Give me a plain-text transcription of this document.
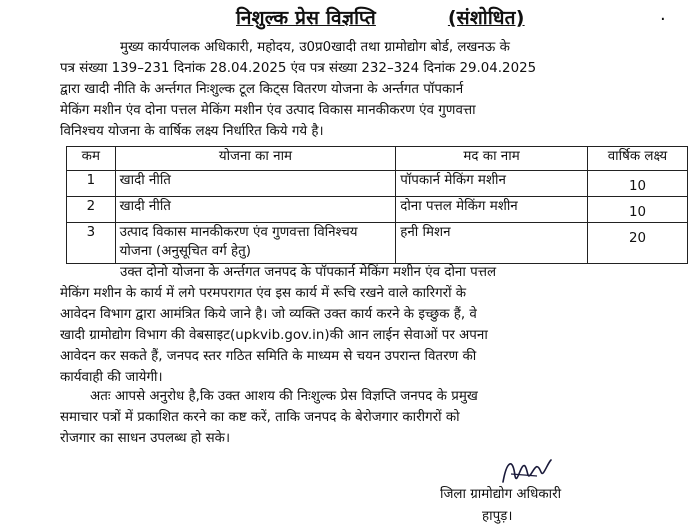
निशुल्क प्रेस विज्ञप्ति	(संशोधित)	.
मुख्य कार्यपालक अधिकारी, महोदय, उ0प्र0खादी तथा ग्रामोद्योग बोर्ड, लखनऊ के
पत्र संख्या 139–231 दिनांक 28.04.2025 एंव पत्र संख्या 232–324 दिनांक 29.04.2025
द्वारा खादी नीति के अर्न्तगत निःशुल्क टूल किट्स वितरण योजना के अर्न्तगत पॉपकार्न
मेकिंग मशीन एंव दोना पत्तल मेकिंग मशीन एंव उत्पाद विकास मानकीकरण एंव गुणवत्ता
विनिश्चय योजना के वार्षिक लक्ष्य निर्धारित किये गये है।
कम	योजना का नाम	मद का नाम	वार्षिक लक्ष्य
1	खादी नीति	पॉपकार्न मेकिंग मशीन	10
2	खादी नीति	दोना पत्तल मेकिंग मशीन	10
3	उत्पाद विकास मानकीकरण एंव गुणवत्ता विनिश्चय योजना (अनुसूचित वर्ग हेतु)	हनी मिशन	20
उक्त दोनो योजना के अर्न्तगत जनपद के पॉपकार्न मेकिंग मशीन एंव दोना पत्तल
मेकिंग मशीन के कार्य में लगे परमपरागत एंव इस कार्य में रूचि रखने वाले कारिगरों के
आवेदन विभाग द्वारा आमंत्रित किये जाने है। जो व्यक्ति उक्त कार्य करने के इच्छुक हैं, वे
खादी ग्रामोद्योग विभाग की वेबसाइट(upkvib.gov.in)की आन लाईन सेवाओं पर अपना
आवेदन कर सकते हैं, जनपद स्तर गठित समिति के माध्यम से चयन उपरान्त वितरण की
कार्यवाही की जायेगी।
अतः आपसे अनुरोध है,कि उक्त आशय की निःशुल्क प्रेस विज्ञप्ति जनपद के प्रमुख
समाचार पत्रों में प्रकाशित करने का कष्ट करें, ताकि जनपद के बेरोजगार कारीगरों को
रोजगार का साधन उपलब्ध हो सके।
जिला ग्रामोद्योग अधिकारी
हापुड़।
